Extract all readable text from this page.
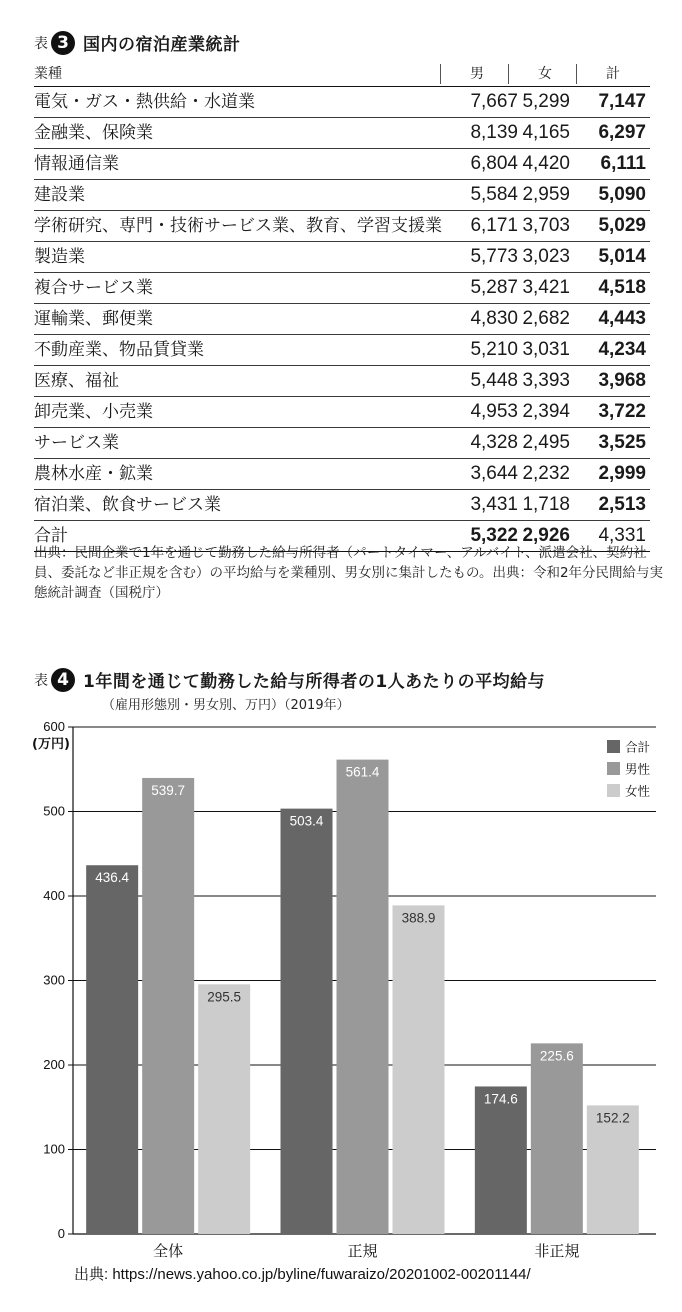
表 3 国内の宿泊産業統計
業種	男	女	計
電気・ガス・熱供給・水道業	7,667 5,299	7,147
金融業、保険業	8,139 4,165	6,297
情報通信業	6,804 4,420	6,111
建設業	5,584 2,959	5,090
学術研究、専門・技術サービス業、教育、学習支援業	6,171 3,703	5,029
製造業	5,773 3,023	5,014
複合サービス業	5,287 3,421	4,518
運輸業、郵便業	4,830 2,682	4,443
不動産業、物品賃貸業	5,210 3,031	4,234
医療、福祉	5,448 3,393	3,968
卸売業、小売業	4,953 2,394	3,722
サービス業	4,328 2,495	3,525
農林水産・鉱業	3,644 2,232	2,999
宿泊業、飲食サービス業	3,431 1,718	2,513
合計	5,322 2,926	4,331
出典：民間企業で1年を通じて勤務した給与所得者（パートタイマー、アルバイト、派遣会社、契約社員、委託など非正規を含む）の平均給与を業種別、男女別に集計したもの。出典：令和2年分民間給与実態統計調査（国税庁）
表 4 1年間を通じて勤務した給与所得者の1人あたりの平均給与
（雇用形態別・男女別、万円）（2019年）
0
100
200
300
400
500
600
(万円)
436.4
539.7
295.5
全体
503.4
561.4
388.9
正規
174.6
225.6
152.2
非正規
合計
男性
女性
出典: https://news.yahoo.co.jp/byline/fuwaraizo/20201002-00201144/
